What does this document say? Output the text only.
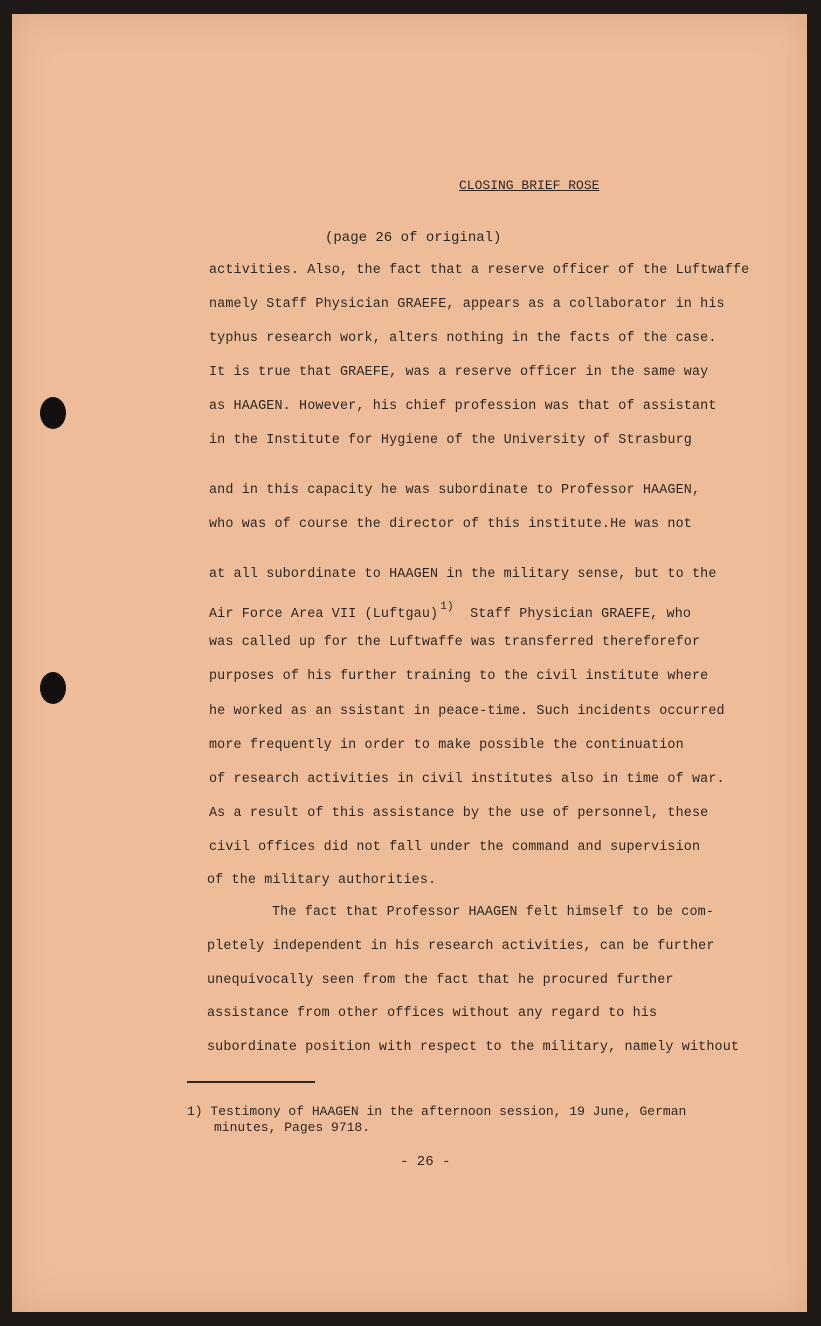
CLOSING BRIEF ROSE
(page 26 of original)
activities. Also, the fact that a reserve officer of the Luftwaffe
namely Staff Physician GRAEFE, appears as a collaborator in his
typhus research work, alters nothing in the facts of the case.
It is true that GRAEFE, was a reserve officer in the same way
as HAAGEN. However, his chief profession was that of assistant
in the Institute for Hygiene of the University of Strasburg
and in this capacity he was subordinate to Professor HAAGEN,
who was of course the director of this institute.He was not
at all subordinate to HAAGEN in the military sense, but to the
Air Force Area VII (Luftgau) $^{1)}$ Staff Physician GRAEFE, who
was called up for the Luftwaffe was transferred thereforefor
purposes of his further training to the civil institute where
he worked as an ssistant in peace-time. Such incidents occurred
more frequently in order to make possible the continuation
of research activities in civil institutes also in time of war.
As a result of this assistance by the use of personnel, these
civil offices did not fall under the command and supervision
of the military authorities.
The fact that Professor HAAGEN felt himself to be com-
pletely independent in his research activities, can be further
unequivocally seen from the fact that he procured further
assistance from other offices without any regard to his
subordinate position with respect to the military, namely without
1) Testimony of HAAGEN in the afternoon session, 19 June, German
minutes, Pages 9718.
- 26 -
